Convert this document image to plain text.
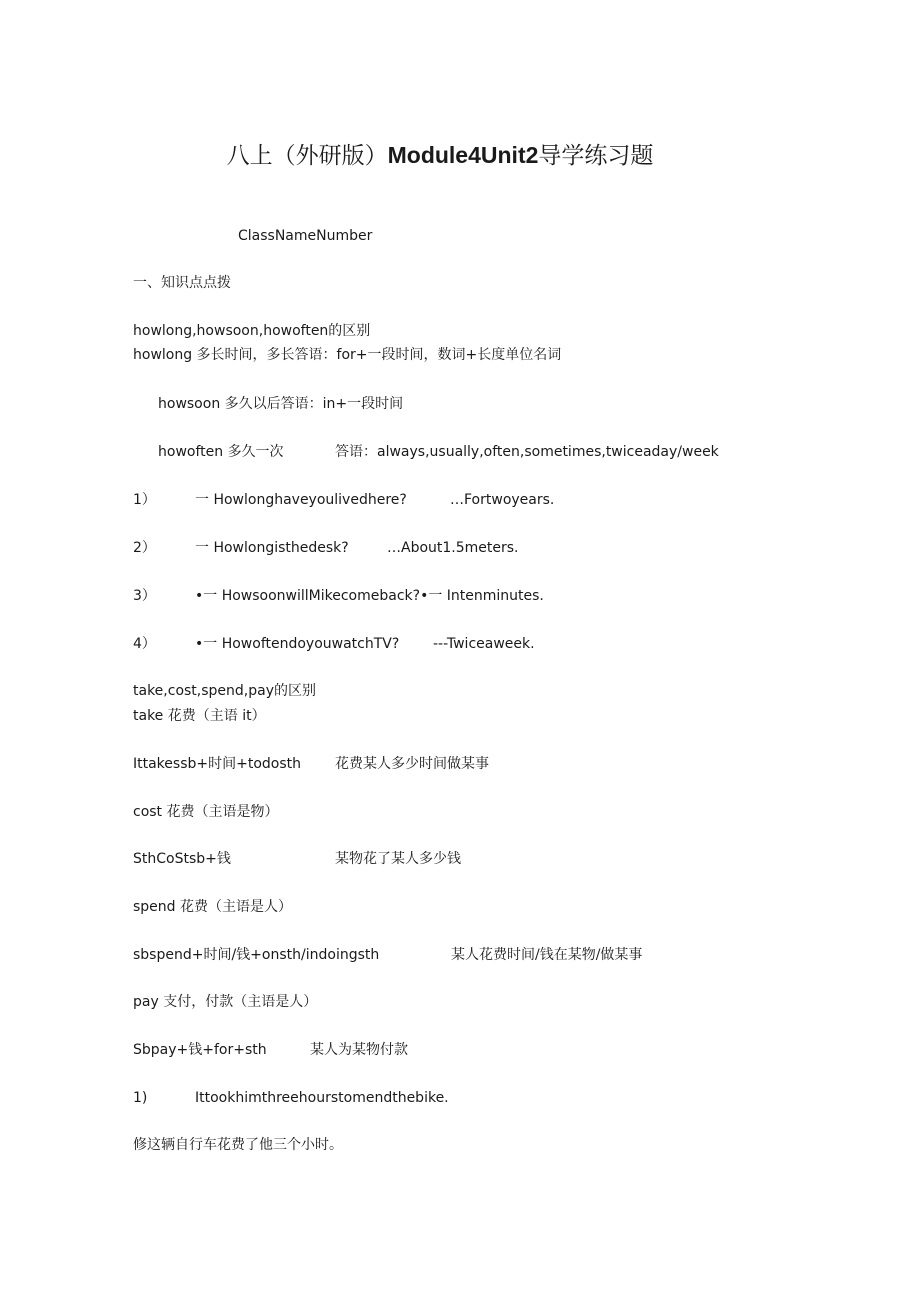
八上（外研版）Module4Unit2导学练习题
ClassNameNumber
一、知识点点拨
howlong,howsoon,howoften的区别
howlong 多长时间，多长答语：for+一段时间，数词+长度单位名词
howsoon 多久以后答语：in+一段时间
howoften 多久一次	答语：always,usually,often,sometimes,twiceaday/week
1）	一 Howlonghaveyoulivedhere?	…Fortwoyears.
2）	一 Howlongisthedesk?	…About1.5meters.
3）	•一 HowsoonwillMikecomeback?•一 Intenminutes.
4）	•一 HowoftendoyouwatchTV? ---Twiceaweek.
take,cost,spend,pay的区别
take 花费（主语 it）
Ittakessb+时间+todosth 花费某人多少时间做某事
cost 花费（主语是物）
SthCoStsb+钱	某物花了某人多少钱
spend 花费（主语是人）
sbspend+时间/钱+onsth/indoingsth	某人花费时间/钱在某物/做某事
pay 支付，付款（主语是人）
Sbpay+钱+for+sth	某人为某物付款
1)	Ittookhimthreehourstomendthebike.
修这辆自行车花费了他三个小时。
